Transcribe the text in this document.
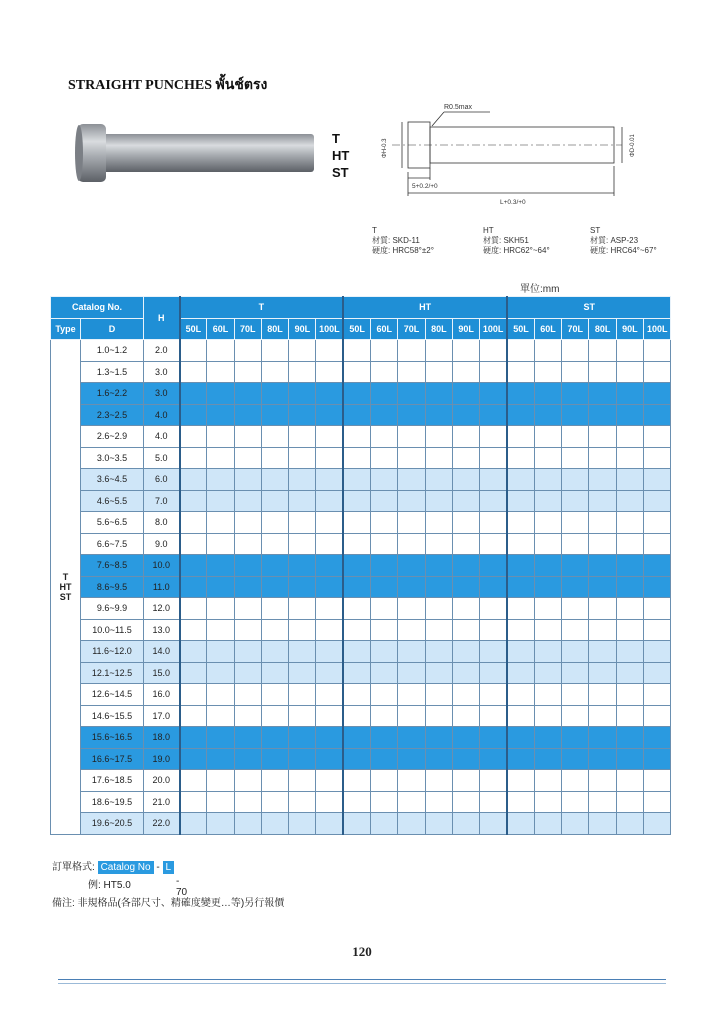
STRAIGHT PUNCHES พั้นช์ตรง
T
HT
ST
R0.5max
ΦH-0.3	ΦD-0.01
5+0.2/+0
L+0.3/+0
T
材質: SKD-11
硬度: HRC58°±2°
HT
材質: SKH51
硬度: HRC62°~64°
ST
材質: ASP-23
硬度: HRC64°~67°
單位:mm
Catalog No.		H	T						HT						ST					
Type	D		50L	60L	70L	80L	90L	100L	50L	60L	70L	80L	90L	100L	50L	60L	70L	80L	90L	100L

T
HT
ST	1.0~1.2	2.0																		
	1.3~1.5	3.0																		
	1.6~2.2	3.0																		
	2.3~2.5	4.0																		
	2.6~2.9	4.0																		
	3.0~3.5	5.0																		
	3.6~4.5	6.0																		
	4.6~5.5	7.0																		
	5.6~6.5	8.0																		
	6.6~7.5	9.0																		
	7.6~8.5	10.0																		
	8.6~9.5	11.0																		
	9.6~9.9	12.0																		
	10.0~11.5	13.0																		
	11.6~12.0	14.0																		
	12.1~12.5	15.0																		
	12.6~14.5	16.0																		
	14.6~15.5	17.0																		
	15.6~16.5	18.0																		
	16.6~17.5	19.0																		
	17.6~18.5	20.0																		
	18.6~19.5	21.0																		
	19.6~20.5	22.0																		
訂單格式: Catalog No - L
例: HT5.0	- 70
備注: 非規格品(各部尺寸、精確度變更…等)另行報價
120
